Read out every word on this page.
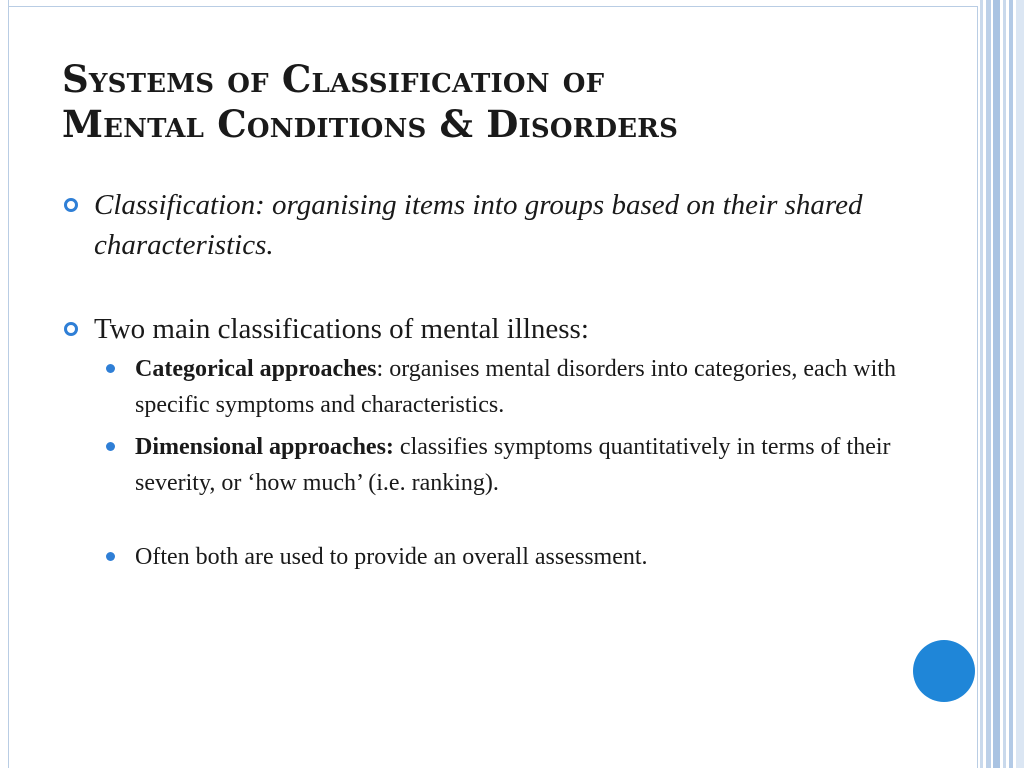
Systems of Classification of
Mental Conditions & Disorders
Classification: organising items into groups based on their shared characteristics.
Two main classifications of mental illness:
Categorical approaches: organises mental disorders into categories, each with specific symptoms and characteristics.
Dimensional approaches: classifies symptoms quantitatively in terms of their severity, or ‘how much’ (i.e. ranking).
Often both are used to provide an overall assessment.
